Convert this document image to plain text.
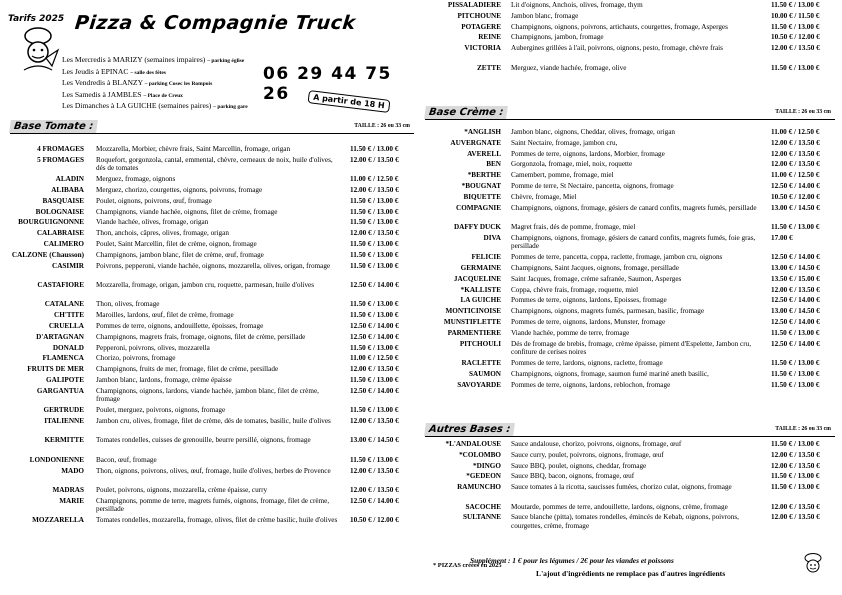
Tarifs 2025 Pizza & Compagnie Truck
Les Mercredis à MARIZY (semaines impaires) – parking église
Les Jeudis à EPINAC – salle des fêtes
Les Vendredis à BLANZY – parking Cosec les Rompois
Les Samedis à JAMBLES – Place de Creux
Les Dimanches à LA GUICHE (semaines paires) – parking gare
06 29 44 75 26	A partir de 18 H
Base Tomate :	TAILLE : 26 ou 33 cm
4 FROMAGES Mozzarella, Morbier, chèvre frais, Saint Marcellin, fromage, origan	11.50 € / 13.00 €
5 FROMAGES Roquefort, gorgonzola, cantal, emmental, chèvre, cerneaux de noix, huile d'olives, dés de tomates
12.00 € / 13.50 €
ALADIN Merguez, fromage, oignons	11.00 € / 12.50 €
ALIBABA Merguez, chorizo, courgettes, oignons, poivrons, fromage	12.00 € / 13.50 €
BASQUAISE Poulet, oignons, poivrons, œuf, fromage	11.50 € / 13.00 €
BOLOGNAISE Champignons, viande hachée, oignons, filet de crème, fromage	11.50 € / 13.00 €
BOURGUIGNONNE Viande hachée, olives, fromage, origan	11.50 € / 13.00 €
CALABRAISE Thon, anchois, câpres, olives, fromage, origan	12.00 € / 13.50 €
CALIMERO Poulet, Saint Marcellin, filet de crème, oignon, fromage	11.50 € / 13.00 €
CALZONE (Chausson) Champignons, jambon blanc, filet de crème, œuf, fromage	11.50 € / 13.00 €
CASIMIR Poivrons, pepperoni, viande hachée, oignons, mozzarella, olives, origan, fromage	11.50 € / 13.00 €
CASTAFIORE Mozzarella, fromage, origan, jambon cru, roquette, parmesan, huile d'olives	12.50 € / 14.00 €
CATALANE Thon, olives, fromage	11.50 € / 13.00 €
CH'TITE Maroilles, lardons, œuf, filet de crème, fromage	11.50 € / 13.00 €
CRUELLA Pommes de terre, oignons, andouillette, époisses, fromage	12.50 € / 14.00 €
D'ARTAGNAN Champignons, magrets frais, fromage, oignons, filet de crème, persillade	12.50 € / 14.00 €
DONALD Pepperoni, poivrons, olives, mozzarella	11.50 € / 13.00 €
FLAMENCA Chorizo, poivrons, fromage	11.00 € / 12.50 €
FRUITS DE MER Champignons, fruits de mer, fromage, filet de crème, persillade	12.00 € / 13.50 €
GALIPOTE Jambon blanc, lardons, fromage, crème épaisse	11.50 € / 13.00 €
GARGANTUA Champignons, oignons, lardons, viande hachée, jambon blanc, filet de crème, fromage
12.50 € / 14.00 €
GERTRUDE Poulet, merguez, poivrons, oignons, fromage	11.50 € / 13.00 €
ITALIENNE Jambon cru, olives, fromage, filet de crème, dés de tomates, basilic, huile d'olives	12.00 € / 13.50 €
KERMITTE Tomates rondelles, cuisses de grenouille, beurre persillé, oignons, fromage	13.00 € / 14.50 €
LONDONIENNE Bacon, œuf, fromage	11.50 € / 13.00 €
MADO Thon, oignons, poivrons, olives, œuf, fromage, huile d'olives, herbes de Provence	12.00 € / 13.50 €
MADRAS Poulet, poivrons, oignons, mozzarella, crème épaisse, curry	12.00 € / 13.50 €
MARIE Champignons, pomme de terre, magrets fumés, oignons, fromage, filet de crème, persillade
12.50 € / 14.00 €
MOZZARELLA Tomates rondelles, mozzarella, fromage, olives, filet de crème basilic, huile d'olives	10.50 € / 12.00 €
PISSALADIERE Lit d'oignons, Anchois, olives, fromage, thym	11.50 € / 13.00 €
PITCHOUNE Jambon blanc, fromage	10.00 € / 11.50 €
POTAGERE Champignons, oignons, poivrons, artichauts, courgettes, fromage, Asperges	11.50 € / 13.00 €
REINE Champignons, jambon, fromage	10.50 € / 12.00 €
VICTORIA Aubergines grillées à l'ail, poivrons, oignons, pesto, fromage, chèvre frais	12.00 € / 13.50 €
ZETTE Merguez, viande hachée, fromage, olive	11.50 € / 13.00 €
Base Crème :	TAILLE : 26 ou 33 cm
*ANGLISH Jambon blanc, oignons, Cheddar, olives, fromage, origan	11.00 € / 12.50 €
AUVERGNATE Saint Nectaire, fromage, jambon cru,	12.00 € / 13.50 €
AVERELL Pommes de terre, oignons, lardons, Morbier, fromage	12.00 € / 13.50 €
BEN Gorgonzola, fromage, miel, noix, roquette	12.00 € / 13.50 €
*BERTHE Camembert, pomme, fromage, miel	11.00 € / 12.50 €
*BOUGNAT Pomme de terre, St Nectaire, pancetta, oignons, fromage	12.50 € / 14.00 €
BIQUETTE Chèvre, fromage, Miel	10.50 € / 12.00 €
COMPAGNIE Champignons, oignons, fromage, gésiers de canard confits, magrets fumés, persillade	13.00 € / 14.50 €
DAFFY DUCK Magret frais, dés de pomme, fromage, miel	11.50 € / 13.00 €
DIVA Champignons, oignons, fromage, gésiers de canard confits, magrets fumés, foie gras, persillade
17.00 €
FELICIE Pommes de terre, pancetta, coppa, raclette, fromage, jambon cru, oignons	12.50 € / 14.00 €
GERMAINE Champignons, Saint Jacques, oignons, fromage, persillade	13.00 € / 14.50 €
JACQUELINE Saint Jacques, fromage, crème safranée, Saumon, Asperges	13.50 € / 15.00 €
*KALLISTE Coppa, chèvre frais, fromage, roquette, miel	12.00 € / 13.50 €
LA GUICHE Pommes de terre, oignons, lardons, Epoisses, fromage	12.50 € / 14.00 €
MONTICINOISE Champignons, oignons, magrets fumés, parmesan, basilic, fromage	13.00 € / 14.50 €
MUNSTIFLETTE Pommes de terre, oignons, lardons, Munster, fromage	12.50 € / 14.00 €
PARMENTIERE Viande hachée, pomme de terre, fromage	11.50 € / 13.00 €
PITCHOULI Dés de fromage de brebis, fromage, crème épaisse, piment d'Espelette, Jambon cru, confiture de cerises noires
12.50 € / 14.00 €
RACLETTE Pommes de terre, lardons, oignons, raclette, fromage	11.50 € / 13.00 €
SAUMON Champignons, oignons, fromage, saumon fumé mariné aneth basilic,	11.50 € / 13.00 €
SAVOYARDE Pommes de terre, oignons, lardons, reblochon, fromage	11.50 € / 13.00 €
Autres Bases :	TAILLE : 26 ou 33 cm
*L'ANDALOUSE Sauce andalouse, chorizo, poivrons, oignons, fromage, œuf	11.50 € / 13.00 €
*COLOMBO Sauce curry, poulet, poivrons, oignons, fromage, œuf	12.00 € / 13.50 €
*DINGO Sauce BBQ, poulet, oignons, cheddar, fromage	12.00 € / 13.50 €
*GEDEON Sauce BBQ, bacon, oignons, fromage, œuf	11.50 € / 13.00 €
RAMUNCHO Sauce tomates à la ricotta, saucisses fumées, chorizo culat, oignons, fromage	11.50 € / 13.00 €
SACOCHE Moutarde, pommes de terre, andouillette, lardons, oignons, crème, fromage	12.00 € / 13.50 €
SULTANNE Sauce blanche (pitta), tomates rondelles, émincés de Kebab, oignons, poivrons, courgettes, crème, fromage
12.00 € / 13.50 €
Supplément : 1 € pour les légumes / 2€ pour les viandes et poissons
* PIZZAS créées en 2025
L'ajout d'ingrédients ne remplace pas d'autres ingrédients
